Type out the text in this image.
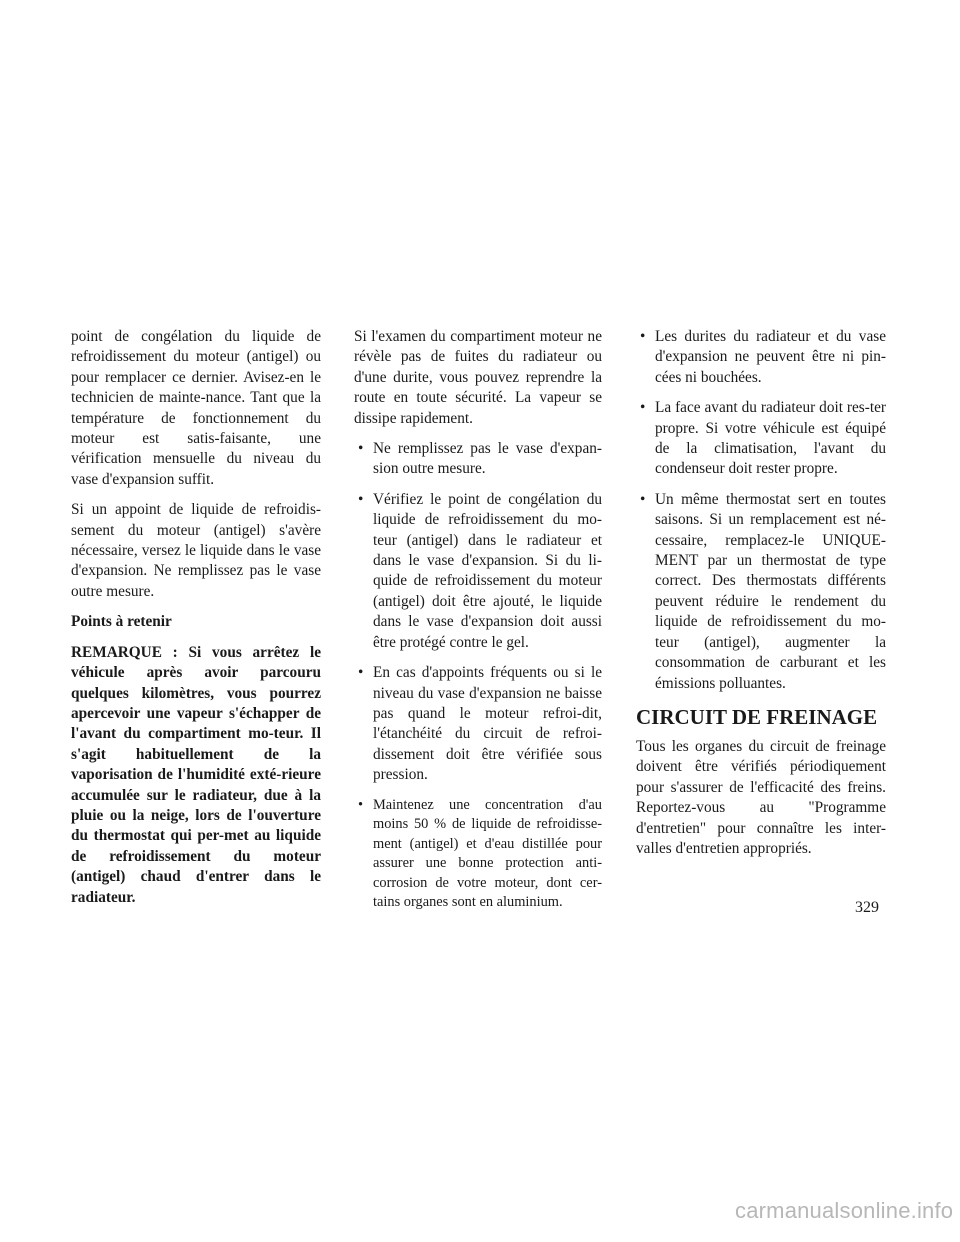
point de congélation du liquide de refroidissement du moteur (antigel) ou pour remplacer ce dernier. Avisez-en le technicien de mainte-nance. Tant que la température de fonctionnement du moteur est satis-faisante, une vérification mensuelle du niveau du vase d'expansion suffit.

Si un appoint de liquide de refroidis-sement du moteur (antigel) s'avère nécessaire, versez le liquide dans le vase d'expansion. Ne remplissez pas le vase outre mesure.

Points à retenir

REMARQUE : Si vous arrêtez le véhicule après avoir parcouru quelques kilomètres, vous pourrez apercevoir une vapeur s'échapper de l'avant du compartiment mo-teur. Il s'agit habituellement de la vaporisation de l'humidité exté-rieure accumulée sur le radiateur, due à la pluie ou la neige, lors de l'ouverture du thermostat qui per-met au liquide de refroidissement du moteur (antigel) chaud d'entrer dans le radiateur.

Si l'examen du compartiment moteur ne révèle pas de fuites du radiateur ou d'une durite, vous pouvez reprendre la route en toute sécurité. La vapeur se dissipe rapidement.

• Ne remplissez pas le vase d'expan-sion outre mesure.
• Vérifiez le point de congélation du liquide de refroidissement du mo-teur (antigel) dans le radiateur et dans le vase d'expansion. Si du li-quide de refroidissement du moteur (antigel) doit être ajouté, le liquide dans le vase d'expansion doit aussi être protégé contre le gel.
• En cas d'appoints fréquents ou si le niveau du vase d'expansion ne baisse pas quand le moteur refroi-dit, l'étanchéité du circuit de refroi-dissement doit être vérifiée sous pression.
• Maintenez une concentration d'au moins 50 % de liquide de refroidisse-ment (antigel) et d'eau distillée pour assurer une bonne protection anti-corrosion de votre moteur, dont cer-tains organes sont en aluminium.
• Les durites du radiateur et du vase d'expansion ne peuvent être ni pin-cées ni bouchées.
• La face avant du radiateur doit res-ter propre. Si votre véhicule est équipé de la climatisation, l'avant du condenseur doit rester propre.
• Un même thermostat sert en toutes saisons. Si un remplacement est né-cessaire, remplacez-le UNIQUE-MENT par un thermostat de type correct. Des thermostats différents peuvent réduire le rendement du liquide de refroidissement du mo-teur (antigel), augmenter la consommation de carburant et les émissions polluantes.
CIRCUIT DE FREINAGE

Tous les organes du circuit de freinage doivent être vérifiés périodiquement pour s'assurer de l'efficacité des freins. Reportez-vous au "Programme d'entretien" pour connaître les inter-valles d'entretien appropriés.

329
carmanualsonline.info
